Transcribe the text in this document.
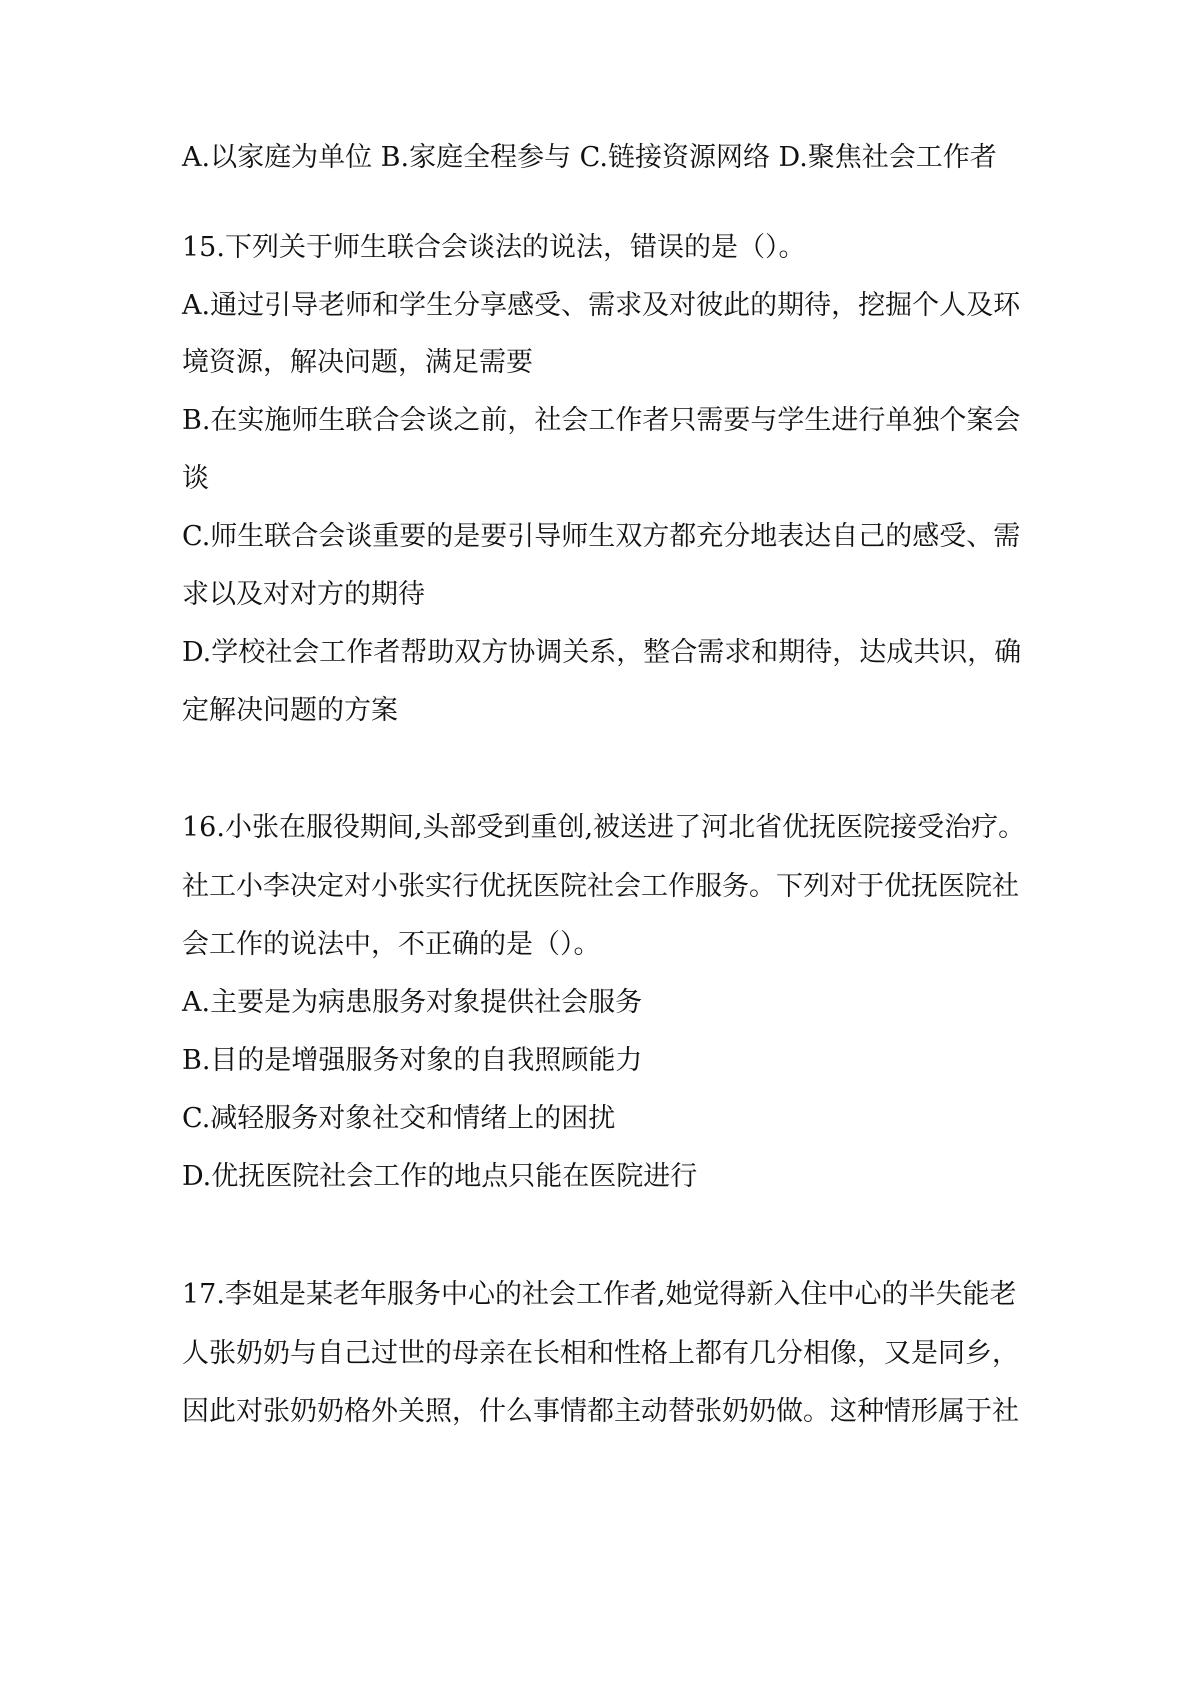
A.以家庭为单位 B.家庭全程参与 C.链接资源网络 D.聚焦社会工作者
15.下列关于师生联合会谈法的说法，错误的是（）。
A.通过引导老师和学生分享感受、需求及对彼此的期待，挖掘个人及环
境资源，解决问题，满足需要
B.在实施师生联合会谈之前，社会工作者只需要与学生进行单独个案会
谈
C.师生联合会谈重要的是要引导师生双方都充分地表达自己的感受、需
求以及对对方的期待
D.学校社会工作者帮助双方协调关系，整合需求和期待，达成共识，确
定解决问题的方案
16.小张在服役期间,头部受到重创,被送进了河北省优抚医院接受治疗。
社工小李决定对小张实行优抚医院社会工作服务。下列对于优抚医院社
会工作的说法中，不正确的是（）。
A.主要是为病患服务对象提供社会服务
B.目的是增强服务对象的自我照顾能力
C.减轻服务对象社交和情绪上的困扰
D.优抚医院社会工作的地点只能在医院进行
17.李姐是某老年服务中心的社会工作者,她觉得新入住中心的半失能老
人张奶奶与自己过世的母亲在长相和性格上都有几分相像，又是同乡，
因此对张奶奶格外关照，什么事情都主动替张奶奶做。这种情形属于社
